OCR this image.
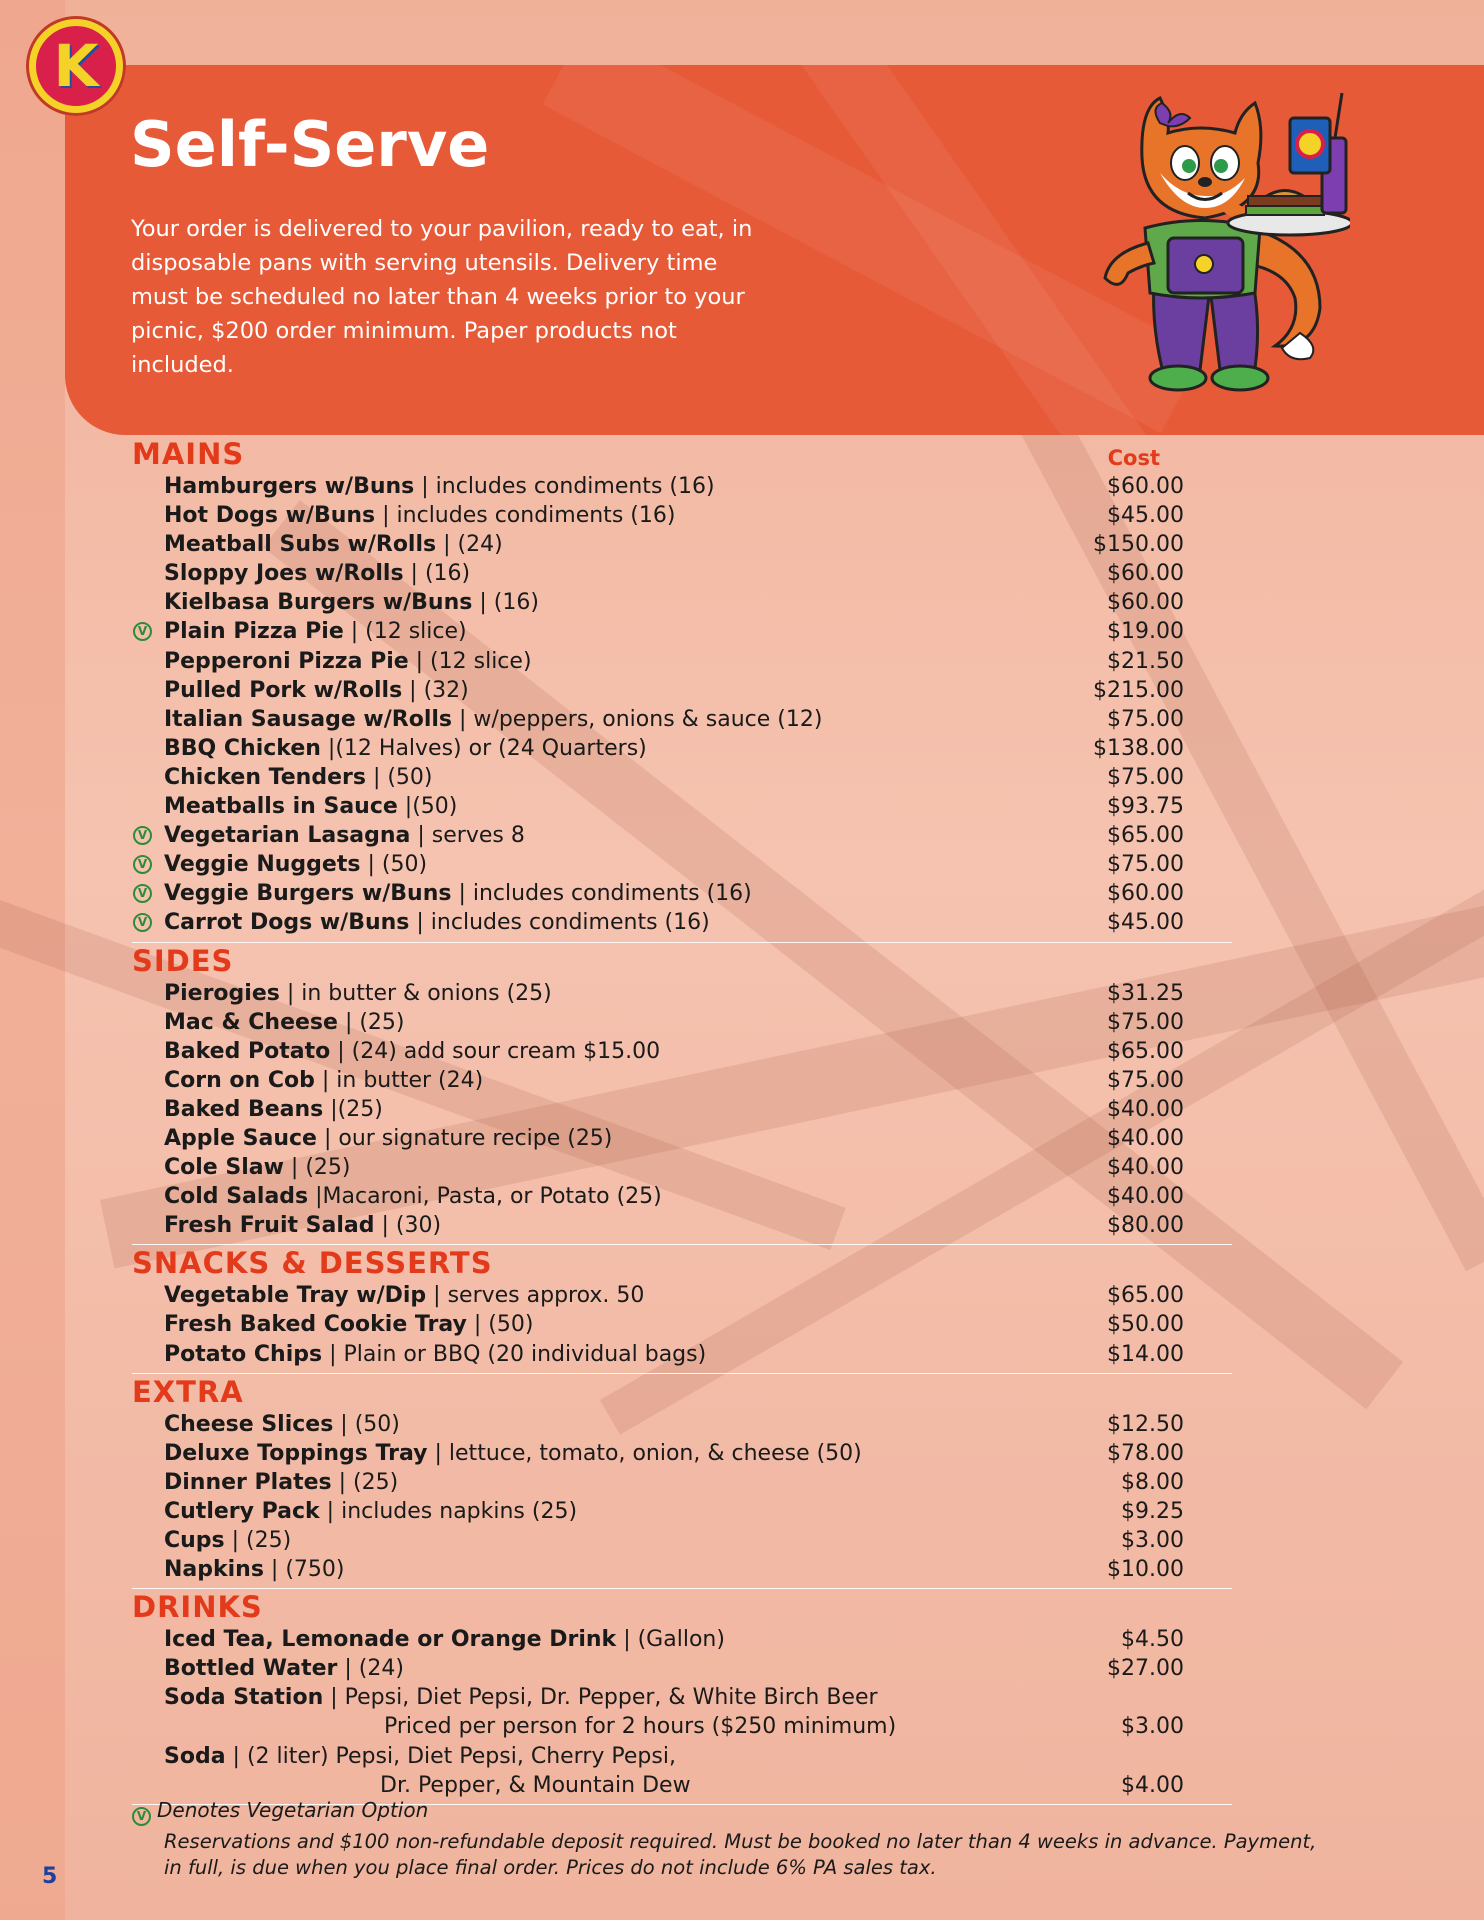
K
Self-Serve
Your order is delivered to your pavilion, ready to eat, in disposable pans with serving utensils. Delivery time must be scheduled no later than 4 weeks prior to your picnic, $200 order minimum. Paper products not included.
Cost
MAINS
Hamburgers w/Buns | includes condiments (16)	$60.00
Hot Dogs w/Buns | includes condiments (16)	$45.00
Meatball Subs w/Rolls | (24)	$150.00
Sloppy Joes w/Rolls | (16)	$60.00
Kielbasa Burgers w/Buns | (16)	$60.00
V Plain Pizza Pie | (12 slice)	$19.00
Pepperoni Pizza Pie | (12 slice)	$21.50
Pulled Pork w/Rolls | (32)	$215.00
Italian Sausage w/Rolls | w/peppers, onions & sauce (12)	$75.00
BBQ Chicken |(12 Halves) or (24 Quarters)	$138.00
Chicken Tenders | (50)	$75.00
Meatballs in Sauce |(50)	$93.75
V Vegetarian Lasagna | serves 8	$65.00
V Veggie Nuggets | (50)	$75.00
V Veggie Burgers w/Buns | includes condiments (16)	$60.00
V Carrot Dogs w/Buns | includes condiments (16)	$45.00
SIDES
Pierogies | in butter & onions (25)	$31.25
Mac & Cheese | (25)	$75.00
Baked Potato | (24) add sour cream $15.00	$65.00
Corn on Cob | in butter (24)	$75.00
Baked Beans |(25)	$40.00
Apple Sauce | our signature recipe (25)	$40.00
Cole Slaw | (25)	$40.00
Cold Salads |Macaroni, Pasta, or Potato (25)	$40.00
Fresh Fruit Salad | (30)	$80.00
SNACKS & DESSERTS
Vegetable Tray w/Dip | serves approx. 50	$65.00
Fresh Baked Cookie Tray | (50)	$50.00
Potato Chips | Plain or BBQ (20 individual bags)	$14.00
EXTRA
Cheese Slices | (50)	$12.50
Deluxe Toppings Tray | lettuce, tomato, onion, & cheese (50)	$78.00
Dinner Plates | (25)	$8.00
Cutlery Pack | includes napkins (25)	$9.25
Cups | (25)	$3.00
Napkins | (750)	$10.00
DRINKS
Iced Tea, Lemonade or Orange Drink | (Gallon)	$4.50
Bottled Water | (24)	$27.00
Soda Station | Pepsi, Diet Pepsi, Dr. Pepper, & White Birch Beer
Priced per person for 2 hours ($250 minimum)	$3.00
Soda | (2 liter) Pepsi, Diet Pepsi, Cherry Pepsi,
Dr. Pepper, & Mountain Dew	$4.00
V Denotes Vegetarian Option
Reservations and $100 non-refundable deposit required. Must be booked no later than 4 weeks in advance. Payment, in full, is due when you place final order. Prices do not include 6% PA sales tax.
5
